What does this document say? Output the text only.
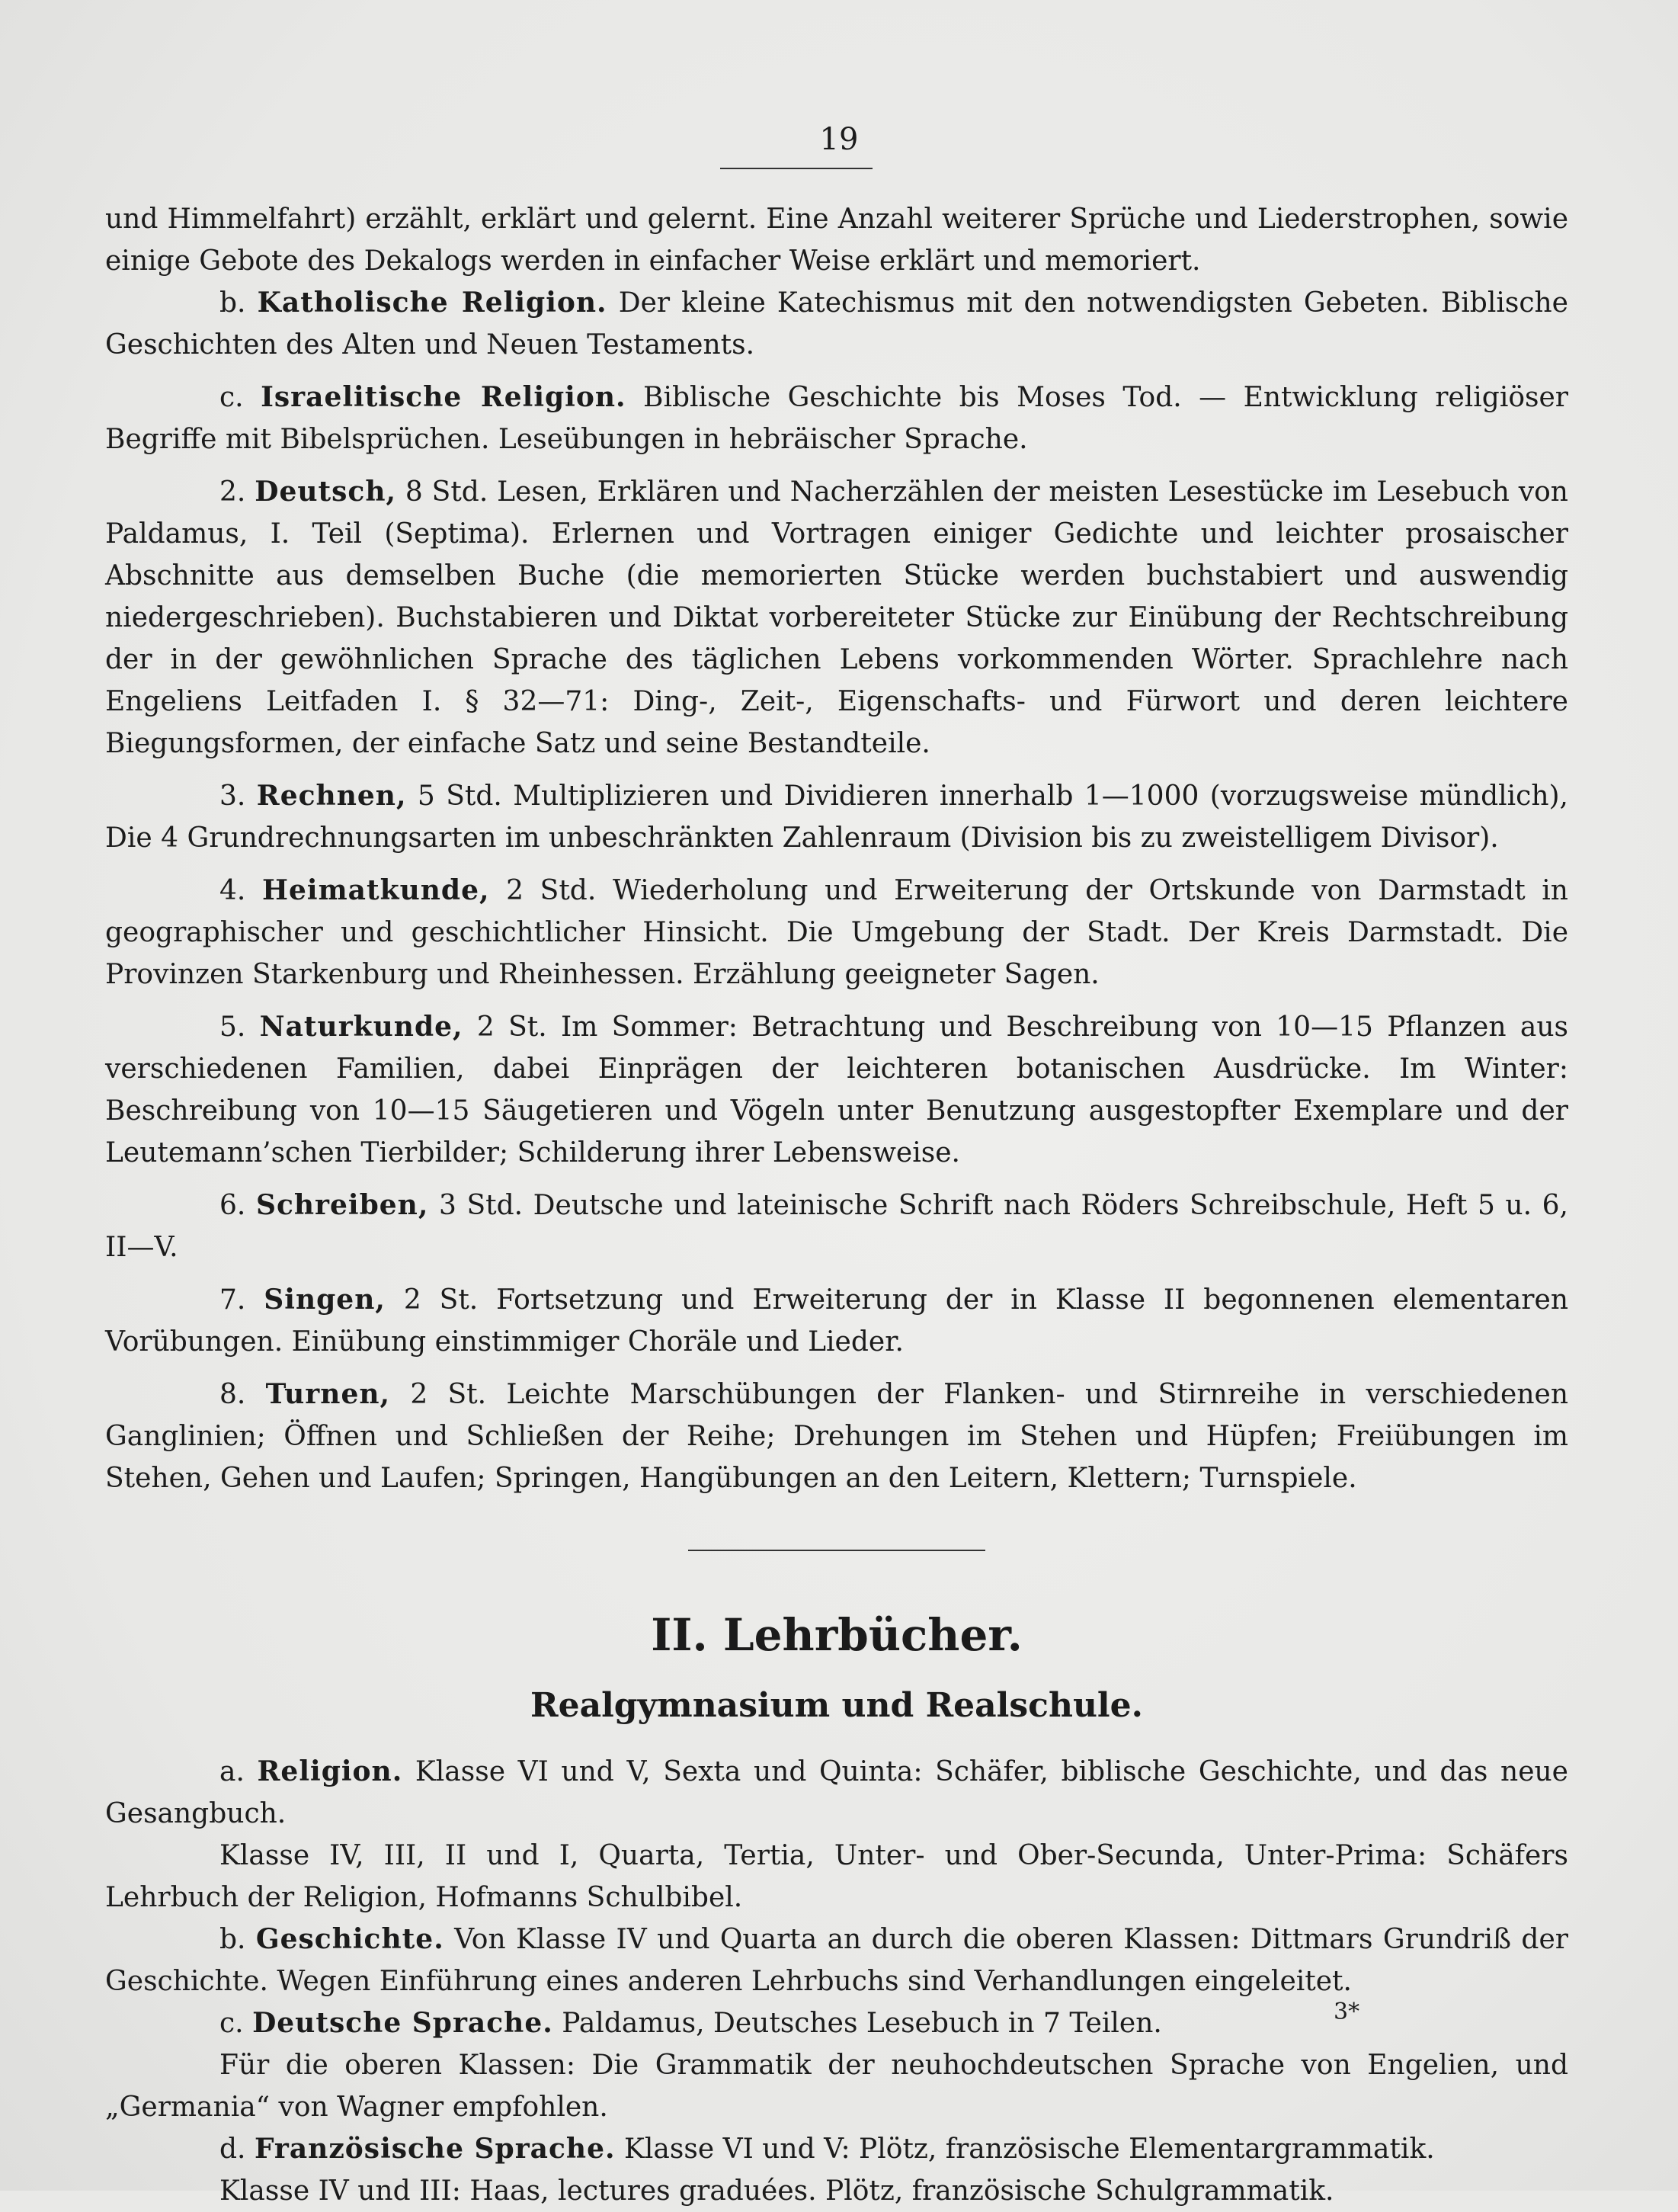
19

und Himmelfahrt) erzählt, erklärt und gelernt. Eine Anzahl weiterer Sprüche und Liederstrophen, sowie einige Gebote des Dekalogs werden in einfacher Weise erklärt und memoriert.

b. Katholische Religion. Der kleine Katechismus mit den notwendigsten Gebeten. Biblische Geschichten des Alten und Neuen Testaments.

c. Israelitische Religion. Biblische Geschichte bis Moses Tod. — Entwicklung religiöser Begriffe mit Bibelsprüchen. Leseübungen in hebräischer Sprache.

2. Deutsch, 8 Std. Lesen, Erklären und Nacherzählen der meisten Lesestücke im Lesebuch von Paldamus, I. Teil (Septima). Erlernen und Vortragen einiger Gedichte und leichter prosaischer Abschnitte aus demselben Buche (die memorierten Stücke werden buchstabiert und auswendig niedergeschrieben). Buchstabieren und Diktat vorbereiteter Stücke zur Einübung der Rechtschreibung der in der gewöhnlichen Sprache des täglichen Lebens vorkommenden Wörter. Sprachlehre nach Engeliens Leitfaden I. § 32—71: Ding-, Zeit-, Eigenschafts- und Fürwort und deren leichtere Biegungsformen, der einfache Satz und seine Bestandteile.

3. Rechnen, 5 Std. Multiplizieren und Dividieren innerhalb 1—1000 (vorzugsweise mündlich), Die 4 Grundrechnungsarten im unbeschränkten Zahlenraum (Division bis zu zweistelligem Divisor).

4. Heimatkunde, 2 Std. Wiederholung und Erweiterung der Ortskunde von Darmstadt in geographischer und geschichtlicher Hinsicht. Die Umgebung der Stadt. Der Kreis Darmstadt. Die Provinzen Starkenburg und Rheinhessen. Erzählung geeigneter Sagen.

5. Naturkunde, 2 St. Im Sommer: Betrachtung und Beschreibung von 10—15 Pflanzen aus verschiedenen Familien, dabei Einprägen der leichteren botanischen Ausdrücke. Im Winter: Beschreibung von 10—15 Säugetieren und Vögeln unter Benutzung ausgestopfter Exemplare und der Leutemann’schen Tierbilder; Schilderung ihrer Lebensweise.

6. Schreiben, 3 Std. Deutsche und lateinische Schrift nach Röders Schreibschule, Heft 5 u. 6, II—V.

7. Singen, 2 St. Fortsetzung und Erweiterung der in Klasse II begonnenen elementaren Vorübungen. Einübung einstimmiger Choräle und Lieder.

8. Turnen, 2 St. Leichte Marschübungen der Flanken- und Stirnreihe in verschiedenen Ganglinien; Öffnen und Schließen der Reihe; Drehungen im Stehen und Hüpfen; Freiübungen im Stehen, Gehen und Laufen; Springen, Hangübungen an den Leitern, Klettern; Turnspiele.

II. Lehrbücher.
Realgymnasium und Realschule.

a. Religion. Klasse VI und V, Sexta und Quinta: Schäfer, biblische Geschichte, und das neue Gesangbuch.

Klasse IV, III, II und I, Quarta, Tertia, Unter- und Ober-Secunda, Unter-Prima: Schäfers Lehrbuch der Religion, Hofmanns Schulbibel.

b. Geschichte. Von Klasse IV und Quarta an durch die oberen Klassen: Dittmars Grundriß der Geschichte. Wegen Einführung eines anderen Lehrbuchs sind Verhandlungen eingeleitet.

c. Deutsche Sprache. Paldamus, Deutsches Lesebuch in 7 Teilen.

Für die oberen Klassen: Die Grammatik der neuhochdeutschen Sprache von Engelien, und „Germania“ von Wagner empfohlen.

d. Französische Sprache. Klasse VI und V: Plötz, französische Elementargrammatik.

Klasse IV und III: Haas, lectures graduées. Plötz, französische Schulgrammatik.

3*
